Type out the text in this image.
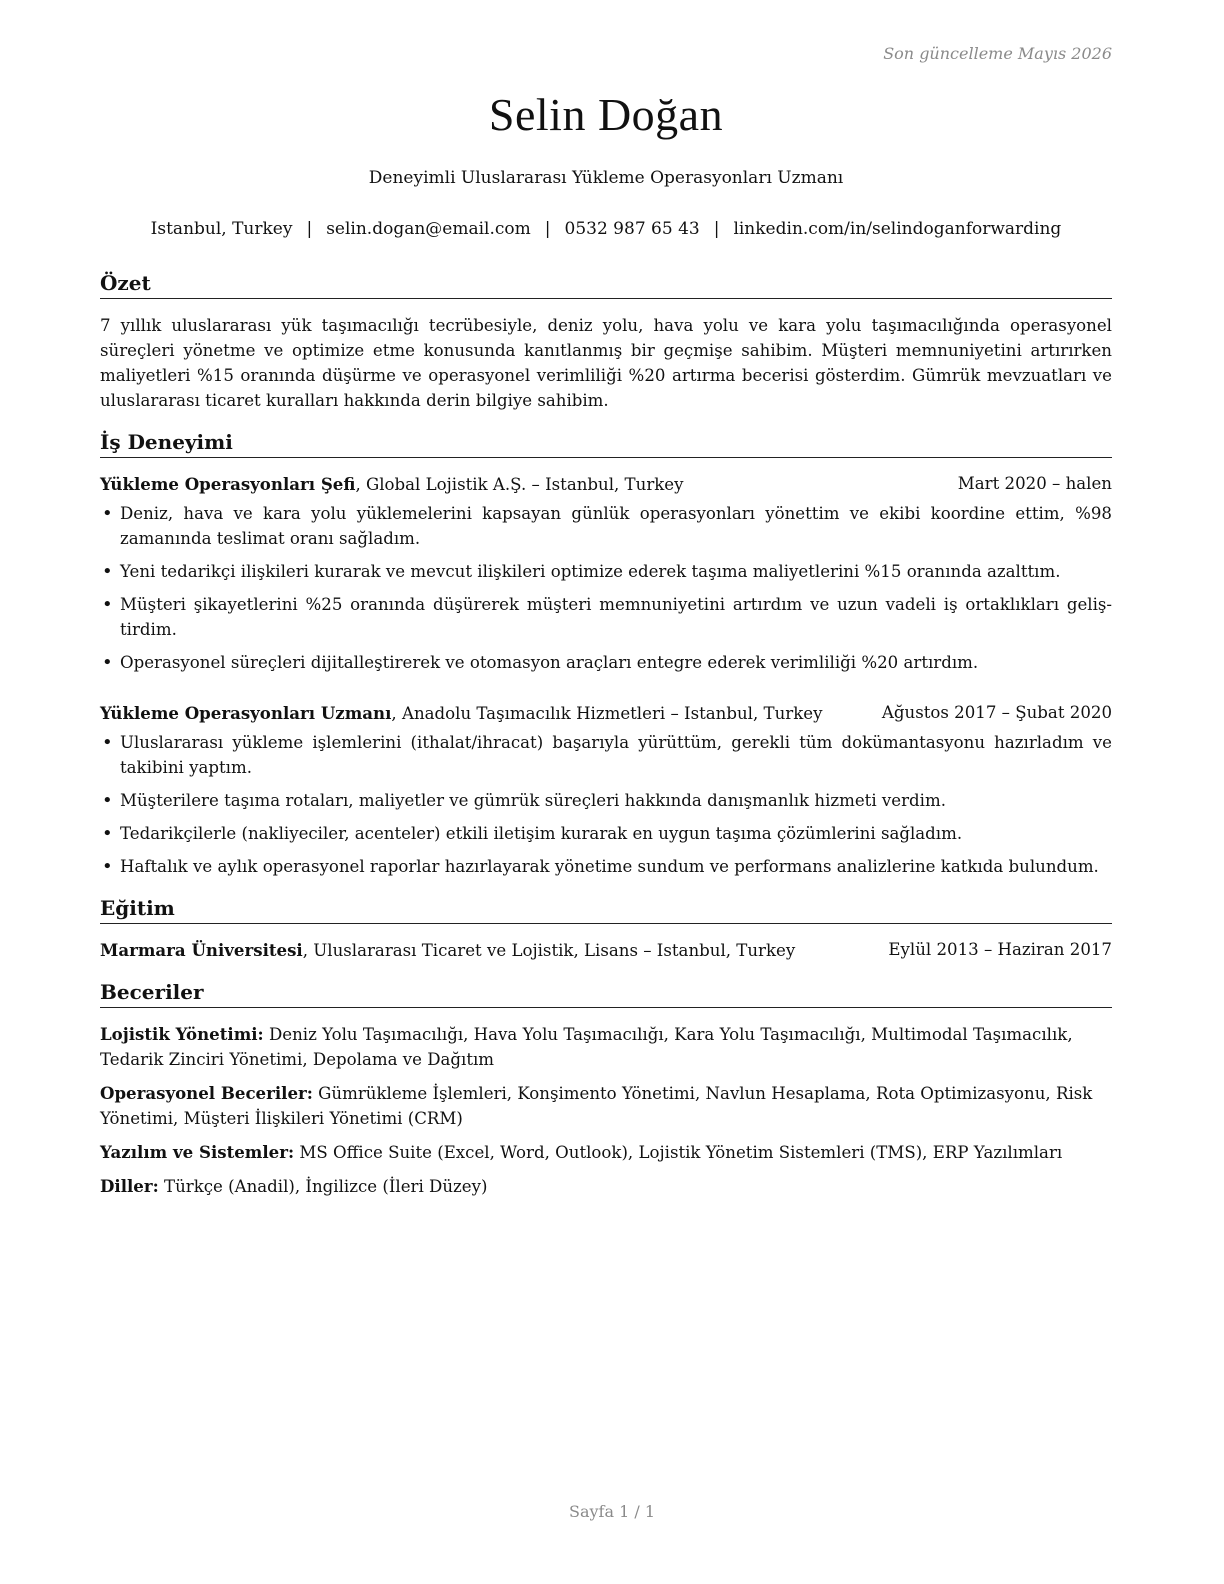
Son güncelleme Mayıs 2026
Selin Doğan
Deneyimli Uluslararası Yükleme Operasyonları Uzmanı
Istanbul, Turkey | selin.dogan@email.com | 0532 987 65 43 | linkedin.com/in/selindoganforwarding
Özet
7 yıllık uluslararası yük taşımacılığı tecrübesiyle, deniz yolu, hava yolu ve kara yolu taşımacılığında operasyonel süreçleri yönetme ve optimize etme konusunda kanıtlanmış bir geçmişe sahibim. Müşteri memnuniyetini artırırken maliyetleri %15 oranında düşürme ve operasyonel verimliliği %20 artırma becerisi gösterdim. Gümrük mevzuatları ve uluslararası ticaret kuralları hakkında derin bilgiye sahibim.
İş Deneyimi
Yükleme Operasyonları Şefi, Global Lojistik A.Ş. – Istanbul, Turkey	Mart 2020 – halen
• Deniz, hava ve kara yolu yüklemelerini kapsayan günlük operasyonları yönettim ve ekibi koordine ettim, %98 zamanında teslimat oranı sağladım.
• Yeni tedarikçi ilişkileri kurarak ve mevcut ilişkileri optimize ederek taşıma maliyetlerini %15 oranında azalttım.
• Müşteri şikayetlerini %25 oranında düşürerek müşteri memnuniyetini artırdım ve uzun vadeli iş ortaklıkları geliştirdim.
• Operasyonel süreçleri dijitalleştirerek ve otomasyon araçları entegre ederek verimliliği %20 artırdım.
Yükleme Operasyonları Uzmanı, Anadolu Taşımacılık Hizmetleri – Istanbul, Turkey	Ağustos 2017 – Şubat 2020
• Uluslararası yükleme işlemlerini (ithalat/ihracat) başarıyla yürüttüm, gerekli tüm dokümantasyonu hazırladım ve takibini yaptım.
• Müşterilere taşıma rotaları, maliyetler ve gümrük süreçleri hakkında danışmanlık hizmeti verdim.
• Tedarikçilerle (nakliyeciler, acenteler) etkili iletişim kurarak en uygun taşıma çözümlerini sağladım.
• Haftalık ve aylık operasyonel raporlar hazırlayarak yönetime sundum ve performans analizlerine katkıda bulundum.
Eğitim
Marmara Üniversitesi, Uluslararası Ticaret ve Lojistik, Lisans – Istanbul, Turkey	Eylül 2013 – Haziran 2017
Beceriler
Lojistik Yönetimi: Deniz Yolu Taşımacılığı, Hava Yolu Taşımacılığı, Kara Yolu Taşımacılığı, Multimodal Taşımacılık, Tedarik Zinciri Yönetimi, Depolama ve Dağıtım
Operasyonel Beceriler: Gümrükleme İşlemleri, Konşimento Yönetimi, Navlun Hesaplama, Rota Optimizasyonu, Risk Yönetimi, Müşteri İlişkileri Yönetimi (CRM)
Yazılım ve Sistemler: MS Office Suite (Excel, Word, Outlook), Lojistik Yönetim Sistemleri (TMS), ERP Yazılımları
Diller: Türkçe (Anadil), İngilizce (İleri Düzey)
Sayfa 1 / 1
